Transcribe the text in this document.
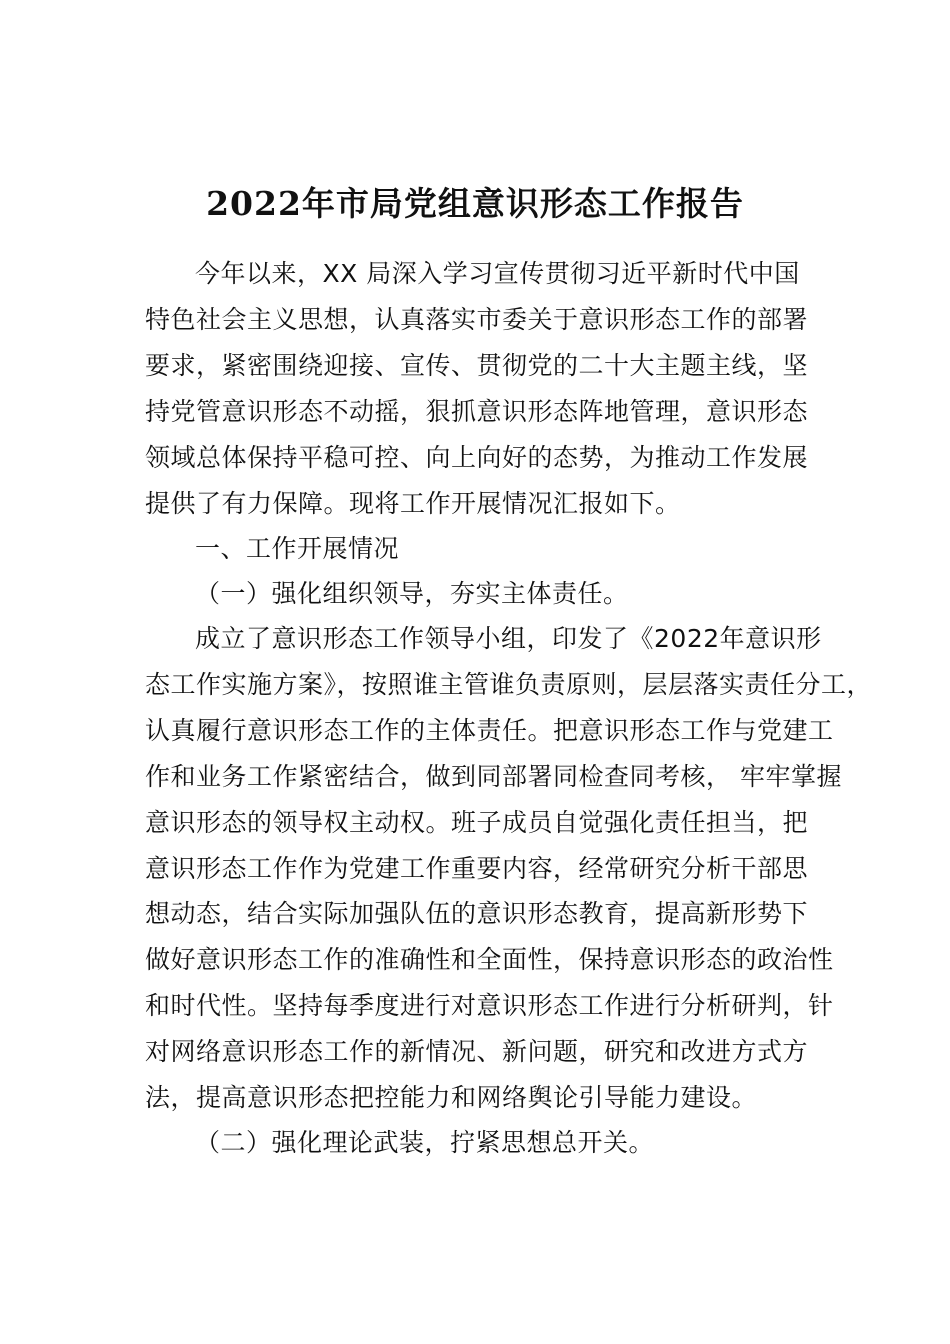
2022年市局党组意识形态工作报告
今年以来，XX 局深入学习宣传贯彻习近平新时代中国
特色社会主义思想，认真落实市委关于意识形态工作的部署
要求，紧密围绕迎接、宣传、贯彻党的二十大主题主线，坚
持党管意识形态不动摇，狠抓意识形态阵地管理，意识形态
领域总体保持平稳可控、向上向好的态势，为推动工作发展
提供了有力保障。现将工作开展情况汇报如下。
一、工作开展情况
（一）强化组织领导，夯实主体责任。
成立了意识形态工作领导小组，印发了《2022年意识形
态工作实施方案》，按照谁主管谁负责原则，层层落实责任分工，
认真履行意识形态工作的主体责任。把意识形态工作与党建工
作和业务工作紧密结合，做到同部署同检查同考核， 牢牢掌握
意识形态的领导权主动权。班子成员自觉强化责任担当，把
意识形态工作作为党建工作重要内容，经常研究分析干部思
想动态，结合实际加强队伍的意识形态教育，提高新形势下
做好意识形态工作的准确性和全面性，保持意识形态的政治性
和时代性。坚持每季度进行对意识形态工作进行分析研判，针
对网络意识形态工作的新情况、新问题，研究和改进方式方
法，提高意识形态把控能力和网络舆论引导能力建设。
（二）强化理论武装，拧紧思想总开关。
